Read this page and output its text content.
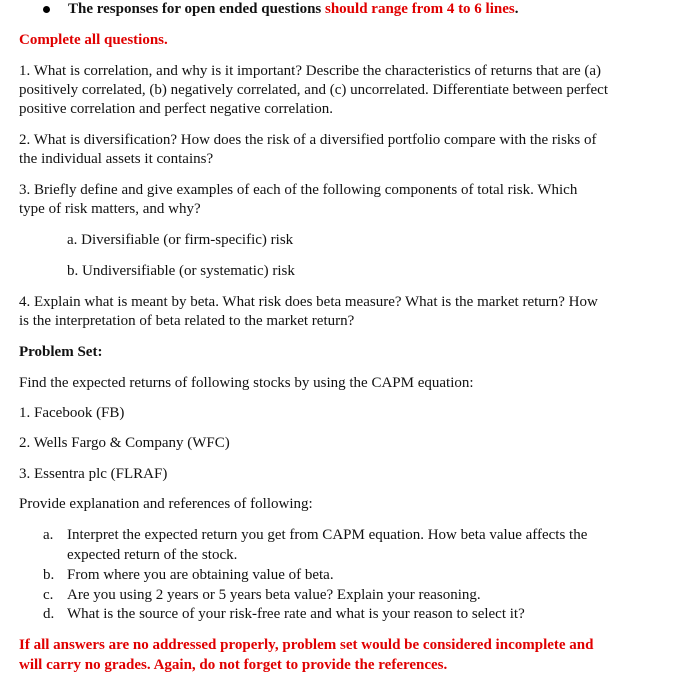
The responses for open ended questions should range from 4 to 6 lines.
Complete all questions.
1. What is correlation, and why is it important? Describe the characteristics of returns that are (a)
positively correlated, (b) negatively correlated, and (c) uncorrelated. Differentiate between perfect
positive correlation and perfect negative correlation.
2. What is diversification? How does the risk of a diversified portfolio compare with the risks of
the individual assets it contains?
3. Briefly define and give examples of each of the following components of total risk. Which
type of risk matters, and why?
a. Diversifiable (or firm-specific) risk
b. Undiversifiable (or systematic) risk
4. Explain what is meant by beta. What risk does beta measure? What is the market return? How
is the interpretation of beta related to the market return?
Problem Set:
Find the expected returns of following stocks by using the CAPM equation:
1. Facebook (FB)
2. Wells Fargo & Company (WFC)
3. Essentra plc (FLRAF)
Provide explanation and references of following:
a. Interpret the expected return you get from CAPM equation. How beta value affects the
expected return of the stock.
b. From where you are obtaining value of beta.
c. Are you using 2 years or 5 years beta value? Explain your reasoning.
d. What is the source of your risk-free rate and what is your reason to select it?
If all answers are no addressed properly, problem set would be considered incomplete and
will carry no grades. Again, do not forget to provide the references.
